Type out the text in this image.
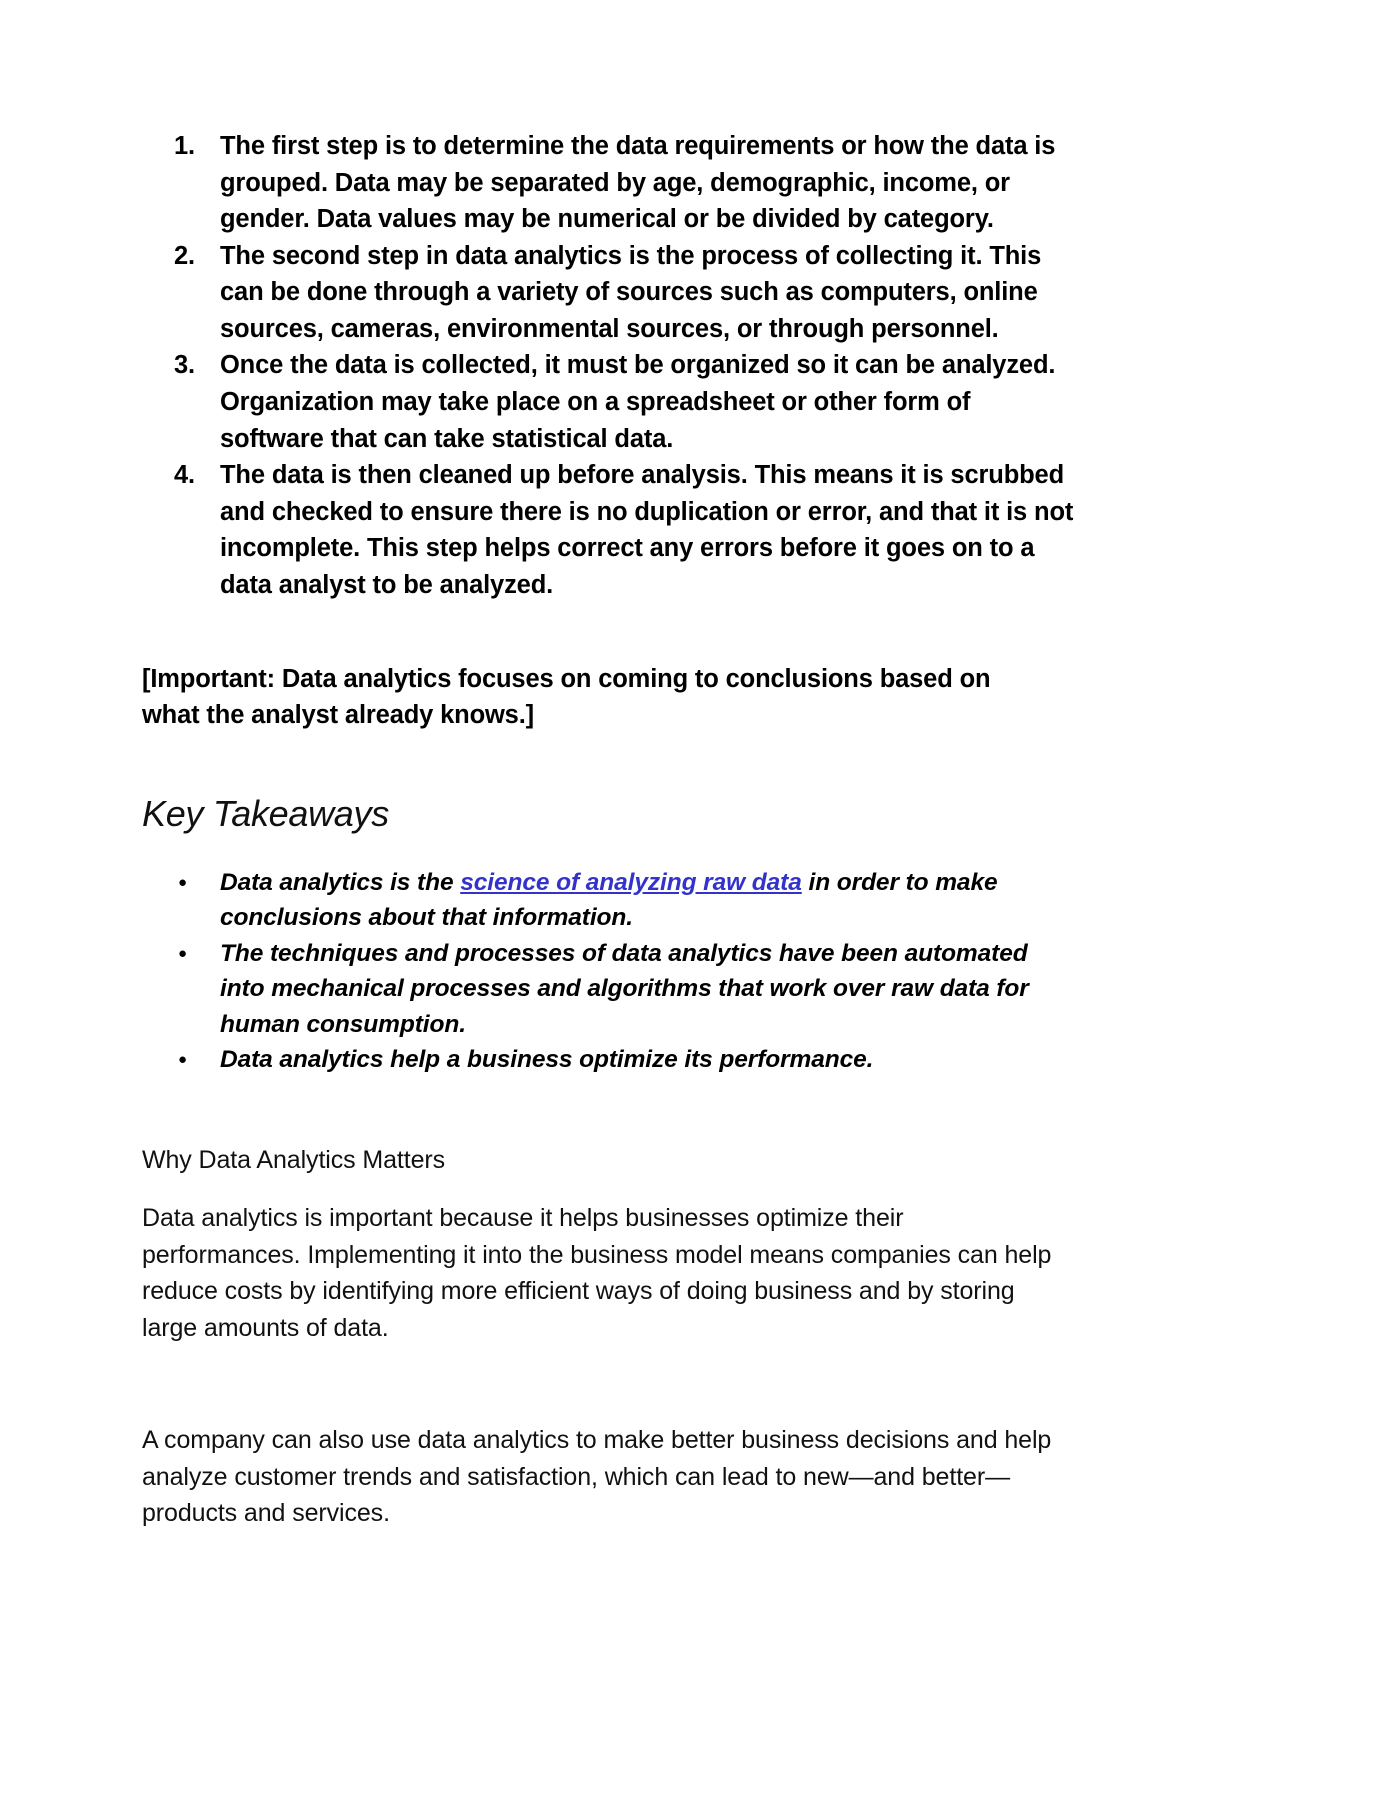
The first step is to determine the data requirements or how the data is grouped. Data may be separated by age, demographic, income, or gender. Data values may be numerical or be divided by category.
The second step in data analytics is the process of collecting it. This can be done through a variety of sources such as computers, online sources, cameras, environmental sources, or through personnel.
Once the data is collected, it must be organized so it can be analyzed. Organization may take place on a spreadsheet or other form of software that can take statistical data.
The data is then cleaned up before analysis. This means it is scrubbed and checked to ensure there is no duplication or error, and that it is not incomplete. This step helps correct any errors before it goes on to a data analyst to be analyzed.
[Important: Data analytics focuses on coming to conclusions based on what the analyst already knows.]
Key Takeaways
● Data analytics is the science of analyzing raw data in order to make conclusions about that information.
● The techniques and processes of data analytics have been automated into mechanical processes and algorithms that work over raw data for human consumption.
● Data analytics help a business optimize its performance.
Why Data Analytics Matters

Data analytics is important because it helps businesses optimize their performances. Implementing it into the business model means companies can help reduce costs by identifying more efficient ways of doing business and by storing large amounts of data.

A company can also use data analytics to make better business decisions and help analyze customer trends and satisfaction, which can lead to new—and better—products and services.
